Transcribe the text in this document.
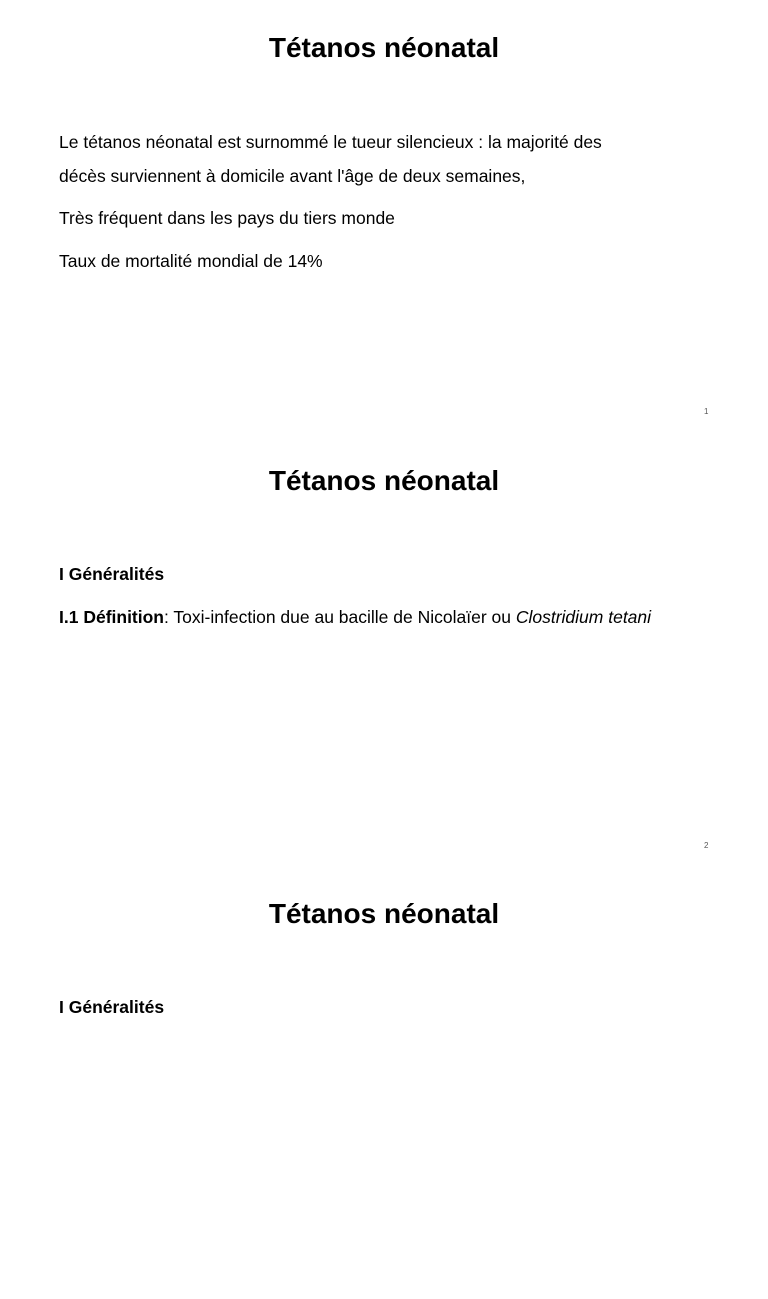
Tétanos néonatal

Le tétanos néonatal est surnommé le tueur silencieux : la majorité des

décès surviennent à domicile avant l'âge de deux semaines,

Très fréquent dans les pays du tiers monde

Taux de mortalité mondial de 14%

1
Tétanos néonatal

I Généralités

I.1 Définition: Toxi-infection due au bacille de Nicolaïer ou Clostridium tetani

2
Tétanos néonatal

I Généralités
